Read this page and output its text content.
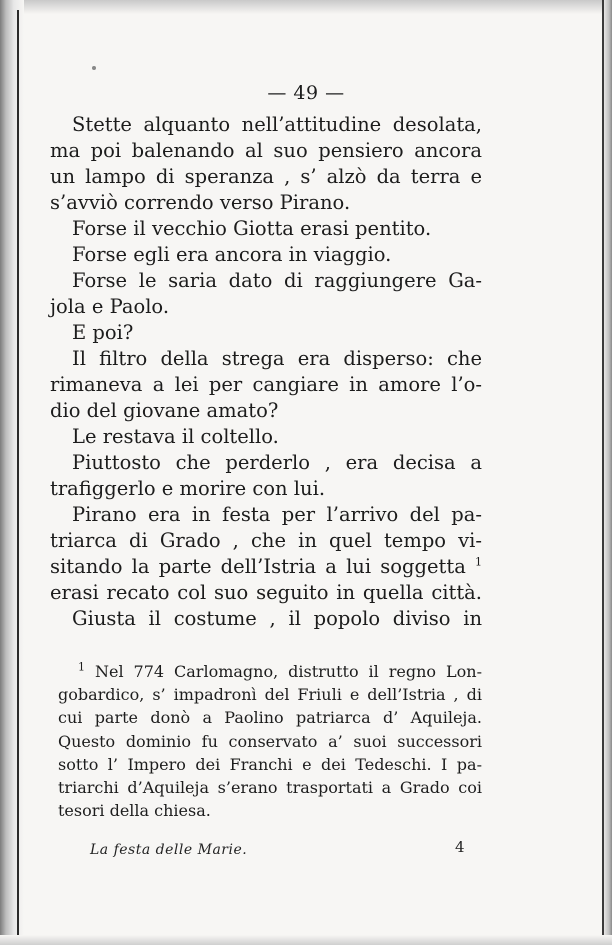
— 49 —
Stette alquanto nell’attitudine desolata,
ma poi balenando al suo pensiero ancora
un lampo di speranza , s’ alzò da terra e
s’avviò correndo verso Pirano.
Forse il vecchio Giotta erasi pentito.
Forse egli era ancora in viaggio.
Forse le saria dato di raggiungere Ga-
jola e Paolo.
E poi?
Il filtro della strega era disperso: che
rimaneva a lei per cangiare in amore l’o-
dio del giovane amato?
Le restava il coltello.
Piuttosto che perderlo , era decisa a
trafiggerlo e morire con lui.
Pirano era in festa per l’arrivo del pa-
triarca di Grado , che in quel tempo vi-
sitando la parte dell’Istria a lui soggetta $^1$
erasi recato col suo seguito in quella città.
Giusta il costume , il popolo diviso in
$^1$ Nel 774 Carlomagno, distrutto il regno Lon-
gobardico, s’ impadronì del Friuli e dell’Istria , di
cui parte donò a Paolino patriarca d’ Aquileja.
Questo dominio fu conservato a’ suoi successori
sotto l’ Impero dei Franchi e dei Tedeschi. I pa-
triarchi d’Aquileja s’erano trasportati a Grado coi
tesori della chiesa.
La festa delle Marie.	4
